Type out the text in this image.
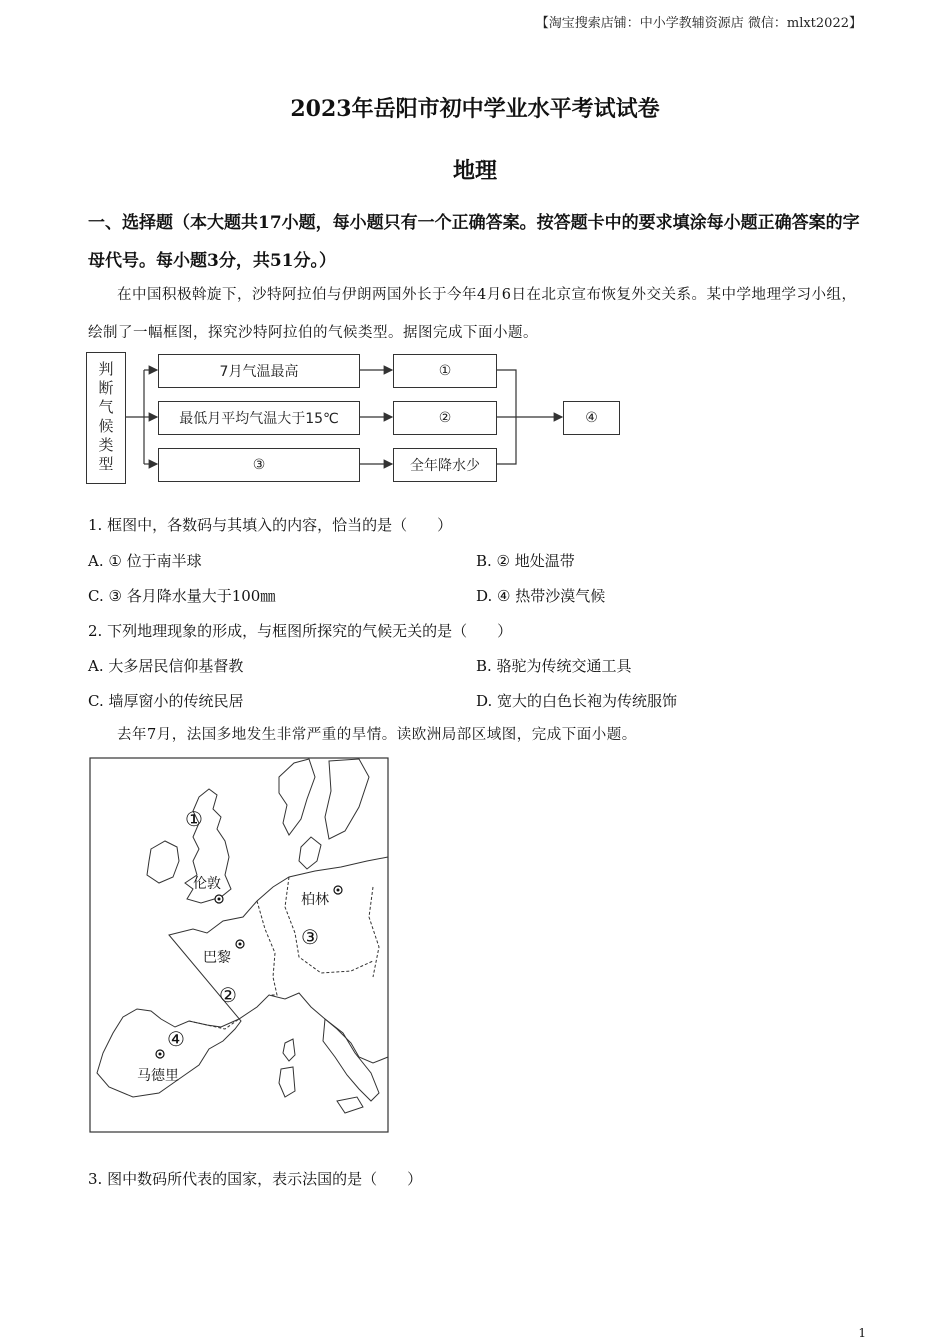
【淘宝搜索店铺：中小学教辅资源店 微信：mlxt2022】
2023年岳阳市初中学业水平考试试卷
地理
一、选择题（本大题共17小题，每小题只有一个正确答案。按答题卡中的要求填涂每小题正确答案的字母代号。每小题3分，共51分。）
在中国积极斡旋下，沙特阿拉伯与伊朗两国外长于今年4月6日在北京宣布恢复外交关系。某中学地理学习小组，绘制了一幅框图，探究沙特阿拉伯的气候类型。据图完成下面小题。
判断气候类型	7月气温最高
最低月平均气温大于15℃
③
①
②
全年降水少
④
1. 框图中，各数码与其填入的内容，恰当的是（　　）
A. ① 位于南半球	B. ② 地处温带
C. ③ 各月降水量大于100㎜	D. ④ 热带沙漠气候
2. 下列地理现象的形成，与框图所探究的气候无关的是（　　）
A. 大多居民信仰基督教	B. 骆驼为传统交通工具
C. 墙厚窗小的传统民居	D. 宽大的白色长袍为传统服饰
去年7月，法国多地发生非常严重的旱情。读欧洲局部区域图，完成下面小题。
①
②
③
④
伦敦
巴黎
柏林
马德里
3. 图中数码所代表的国家，表示法国的是（　　）
1
